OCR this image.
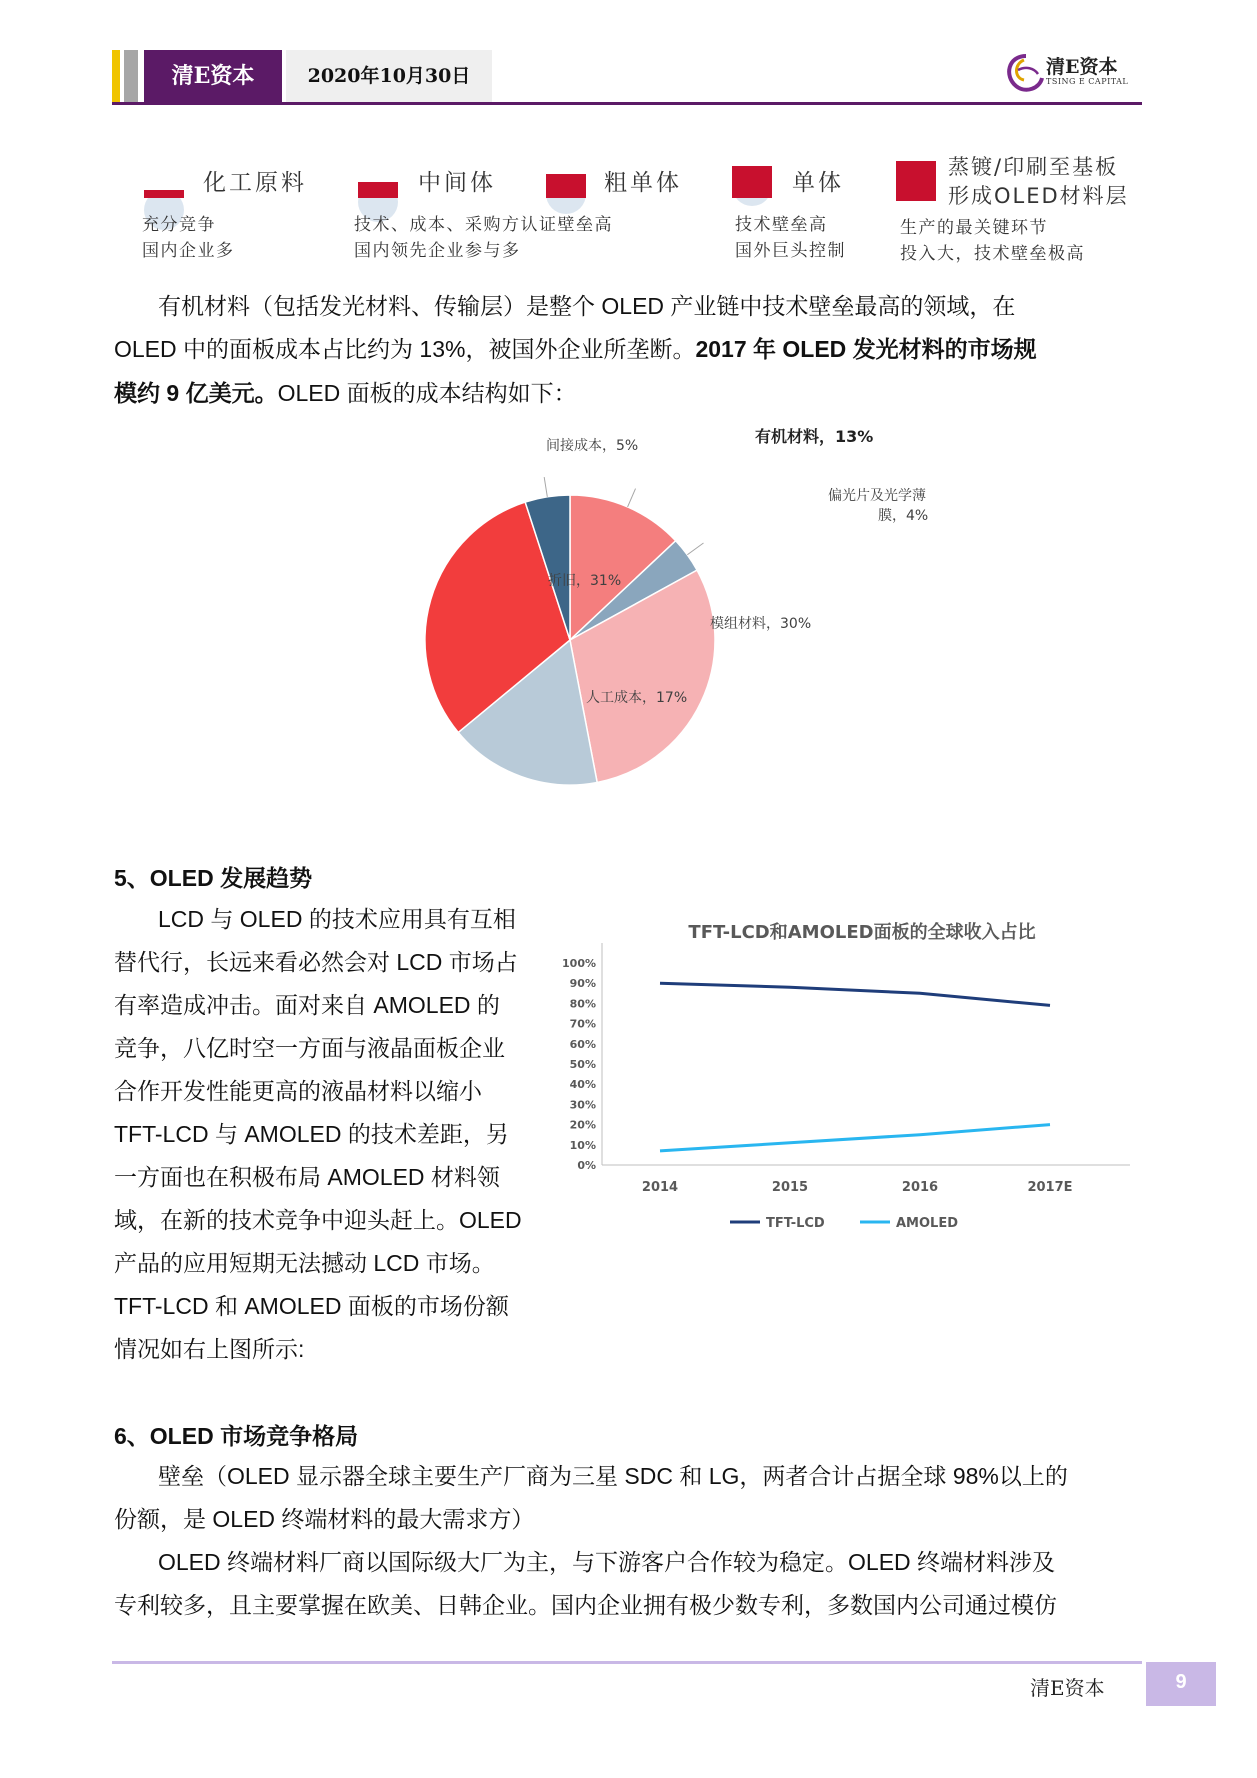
清E资本	2020年10月30日	清E资本
TSING E CAPITAL
化工原料
充分竞争
国内企业多
中间体
技术、成本、采购方认证壁垒高
国内领先企业参与多
粗单体	单体
技术壁垒高
国外巨头控制
蒸镀/印刷至基板
形成OLED材料层
生产的最关键环节
投入大，技术壁垒极高
有机材料（包括发光材料、传输层）是整个 OLED 产业链中技术壁垒最高的领域，在
OLED 中的面板成本占比约为 13%，被国外企业所垄断。2017 年 OLED 发光材料的市场规
模约 9 亿美元。OLED 面板的成本结构如下：
有机材料，13%
偏光片及光学薄
膜，4%
模组材料，30%
人工成本，17%
折旧，31%
间接成本，5%
5、OLED 发展趋势
LCD 与 OLED 的技术应用具有互相
替代行，长远来看必然会对 LCD 市场占
有率造成冲击。面对来自 AMOLED 的
竞争，八亿时空一方面与液晶面板企业
合作开发性能更高的液晶材料以缩小
TFT-LCD 与 AMOLED 的技术差距，另
一方面也在积极布局 AMOLED 材料领
域，在新的技术竞争中迎头赶上。OLED
产品的应用短期无法撼动 LCD 市场。
TFT-LCD 和 AMOLED 面板的市场份额
情况如右上图所示:
TFT-LCD和AMOLED面板的全球收入占比
100%
90%
80%
70%
60%
50%
40%
30%
20%
10%
0%
2014	2015	2016	2017E
TFT-LCD	AMOLED
6、OLED 市场竞争格局
壁垒（OLED 显示器全球主要生产厂商为三星 SDC 和 LG，两者合计占据全球 98%以上的
份额，是 OLED 终端材料的最大需求方）
OLED 终端材料厂商以国际级大厂为主，与下游客户合作较为稳定。OLED 终端材料涉及
专利较多，且主要掌握在欧美、日韩企业。国内企业拥有极少数专利，多数国内公司通过模仿
清E资本	9
